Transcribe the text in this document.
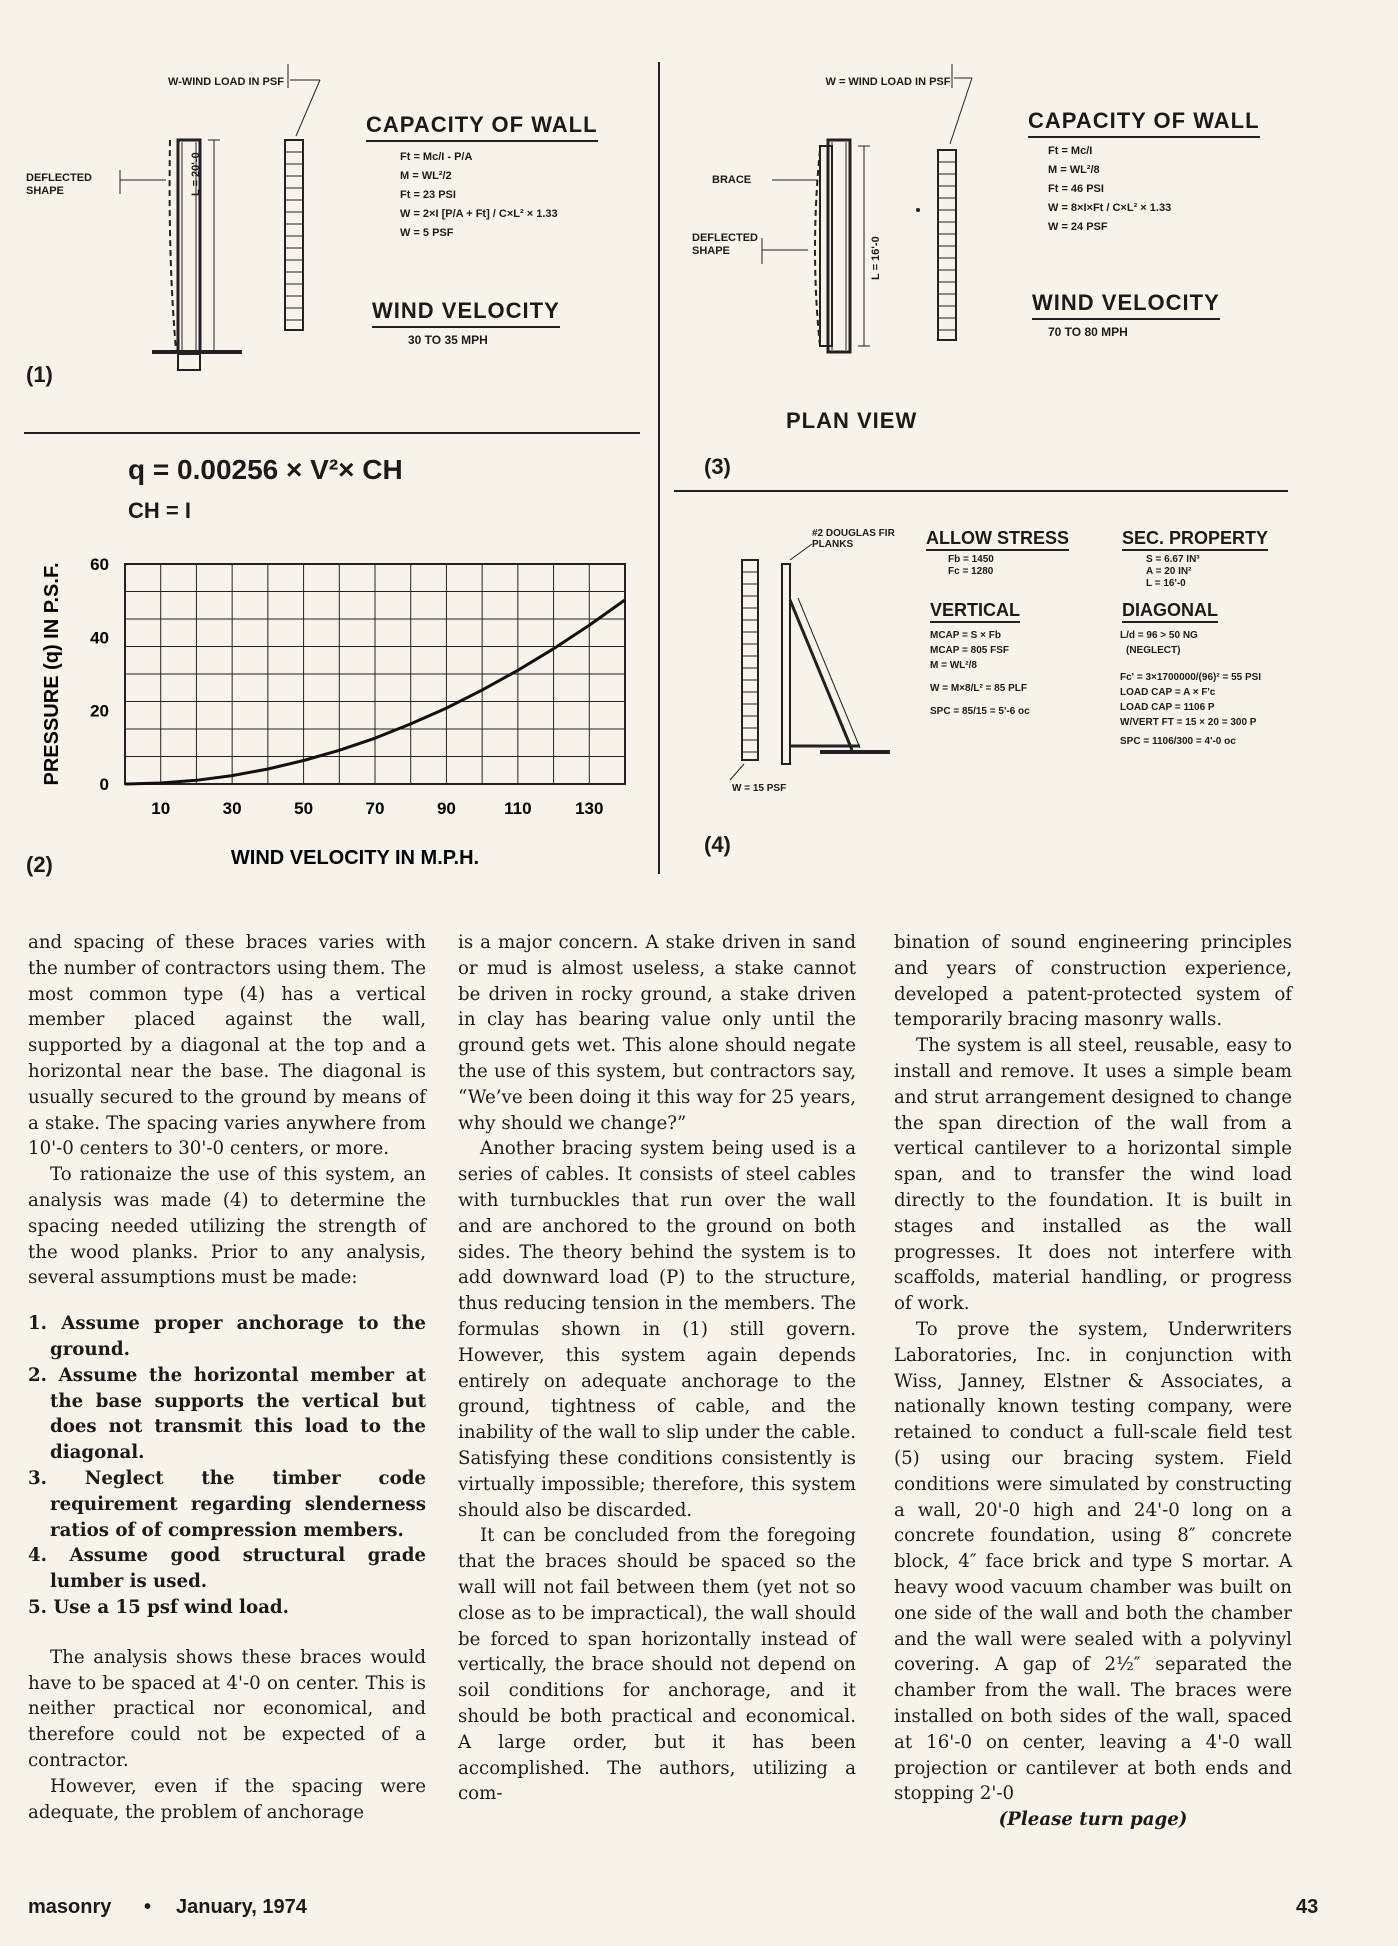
W-WIND LOAD IN PSF
DEFLECTED SHAPE	L = 20'-0
CAPACITY OF WALL
Ft = Mc/I - P/A
M = WL²/2
Ft = 23 PSI
W = 2×I [P/A + Ft] / C×L² × 1.33
W = 5 PSF
WIND VELOCITY
30 TO 35 MPH
(1)
W = WIND LOAD IN PSF
BRACE
DEFLECTED SHAPE	L = 16'-0
CAPACITY OF WALL
Ft = Mc/I
M = WL²/8
Ft = 46 PSI
W = 8×I×Ft / C×L² × 1.33
W = 24 PSF
WIND VELOCITY
70 TO 80 MPH
PLAN VIEW
(3)
q = 0.00256 × V²× CH
CH = I
10	30	50	70	90	110	130
0
20
40
60
WIND VELOCITY IN M.P.H.
PRESSURE (q) IN P.S.F.
(2)
#2 DOUGLAS FIR PLANKS
W = 15 PSF
ALLOW STRESS
Fb = 1450
Fc = 1280
SEC. PROPERTY
S = 6.67 IN³
A = 20 IN²
L = 16'-0
VERTICAL
MCAP = S × Fb
MCAP = 805 FSF
M = WL²/8
W = M×8/L² = 85 PLF
SPC = 85/15 = 5'-6 oc
DIAGONAL
L/d = 96 > 50 NG
(NEGLECT)
Fc' = 3×1700000/(96)² = 55 PSI
LOAD CAP = A × F'c
LOAD CAP = 1106 P
W/VERT FT = 15 × 20 = 300 P
SPC = 1106/300 = 4'-0 oc
(4)

and spacing of these braces varies with the number of contractors using them. The most common type (4) has a vertical member placed against the wall, supported by a diagonal at the top and a horizontal near the base. The diagonal is usually secured to the ground by means of a stake. The spacing varies anywhere from 10'-0 centers to 30'-0 centers, or more.

To rationaize the use of this system, an analysis was made (4) to determine the spacing needed utilizing the strength of the wood planks. Prior to any analysis, several assumptions must be made:

1. Assume proper anchorage to the ground.
2. Assume the horizontal member at the base supports the vertical but does not transmit this load to the diagonal.
3. Neglect the timber code requirement regarding slenderness ratios of of compression members.
4. Assume good structural grade lumber is used.
5. Use a 15 psf wind load.

The analysis shows these braces would have to be spaced at 4'-0 on center. This is neither practical nor economical, and therefore could not be expected of a contractor.

However, even if the spacing were adequate, the problem of anchorage

is a major concern. A stake driven in sand or mud is almost useless, a stake cannot be driven in rocky ground, a stake driven in clay has bearing value only until the ground gets wet. This alone should negate the use of this system, but contractors say, “We’ve been doing it this way for 25 years, why should we change?”

Another bracing system being used is a series of cables. It consists of steel cables with turnbuckles that run over the wall and are anchored to the ground on both sides. The theory behind the system is to add downward load (P) to the structure, thus reducing tension in the members. The formulas shown in (1) still govern. However, this system again depends entirely on adequate anchorage to the ground, tightness of cable, and the inability of the wall to slip under the cable. Satisfying these conditions consistently is virtually impossible; therefore, this system should also be discarded.

It can be concluded from the foregoing that the braces should be spaced so the wall will not fail between them (yet not so close as to be impractical), the wall should be forced to span horizontally instead of vertically, the brace should not depend on soil conditions for anchorage, and it should be both practical and economical. A large order, but it has been accomplished. The authors, utilizing a com-

bination of sound engineering principles and years of construction experience, developed a patent-protected system of temporarily bracing masonry walls.

The system is all steel, reusable, easy to install and remove. It uses a simple beam and strut arrangement designed to change the span direction of the wall from a vertical cantilever to a horizontal simple span, and to transfer the wind load directly to the foundation. It is built in stages and installed as the wall progresses. It does not interfere with scaffolds, material handling, or progress of work.

To prove the system, Underwriters Laboratories, Inc. in conjunction with Wiss, Janney, Elstner & Associates, a nationally known testing company, were retained to conduct a full-scale field test (5) using our bracing system. Field conditions were simulated by constructing a wall, 20'-0 high and 24'-0 long on a concrete foundation, using 8″ concrete block, 4″ face brick and type S mortar. A heavy wood vacuum chamber was built on one side of the wall and both the chamber and the wall were sealed with a polyvinyl covering. A gap of 2½″ separated the chamber from the wall. The braces were installed on both sides of the wall, spaced at 16'-0 on center, leaving a 4'-0 wall projection or cantilever at both ends and stopping 2'-0

(Please turn page)

masonry • January, 1974	43
